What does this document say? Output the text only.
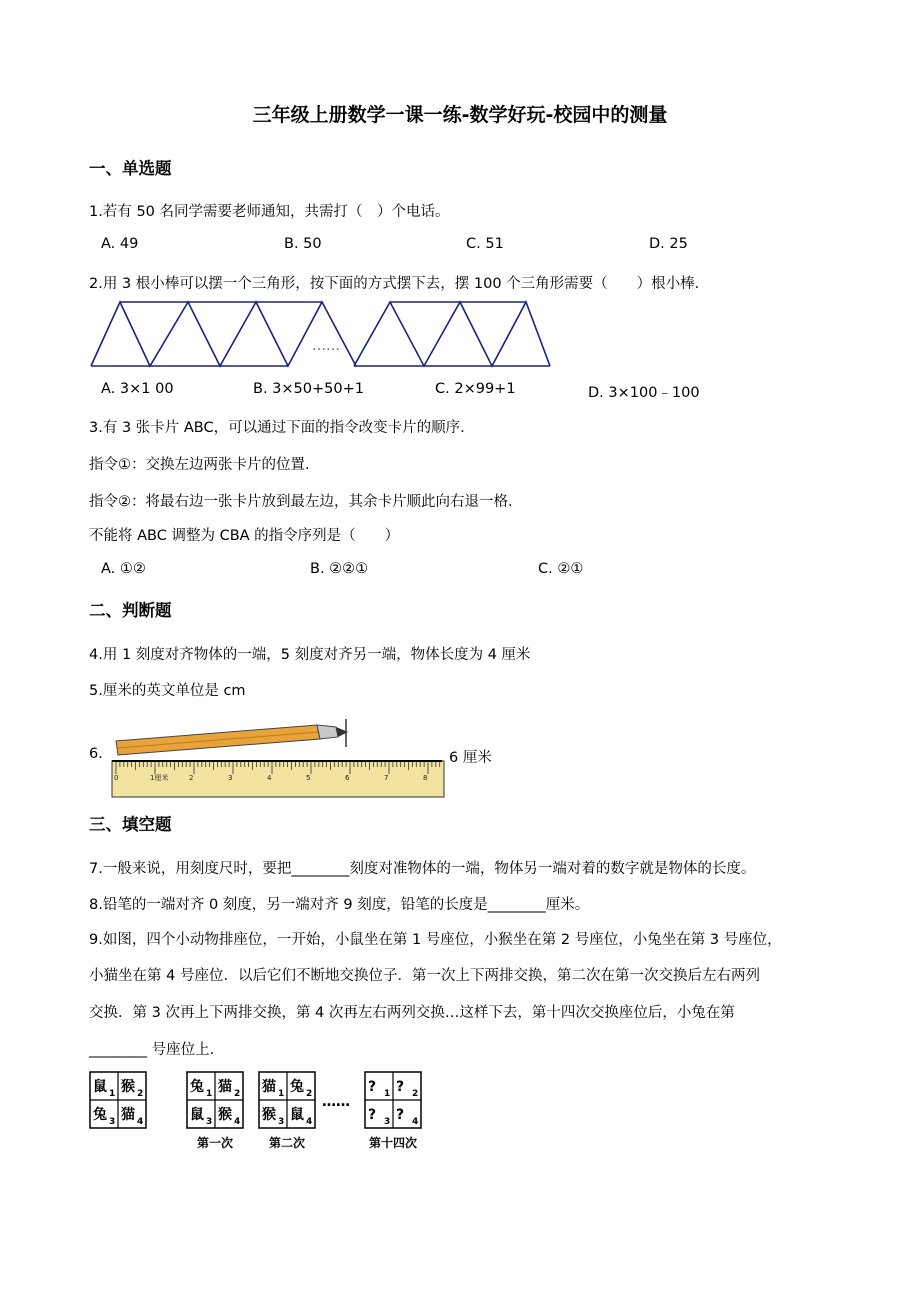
三年级上册数学一课一练-数学好玩-校园中的测量
一、单选题
1.若有 50 名同学需要老师通知，共需打（　）个电话。
A. 49	B. 50	C. 51	D. 25
2.用 3 根小棒可以摆一个三角形，按下面的方式摆下去，摆 100 个三角形需要（　　）根小棒.
……
A. 3×1 00	B. 3×50+50+1	C. 2×99+1	D. 3×100﹣100
3.有 3 张卡片 ABC，可以通过下面的指令改变卡片的顺序.
指令①：交换左边两张卡片的位置.
指令②：将最右边一张卡片放到最左边，其余卡片顺此向右退一格.
不能将 ABC 调整为 CBA 的指令序列是（　　）
A. ①②	B. ②②①	C. ②①
二、判断题
4.用 1 刻度对齐物体的一端，5 刻度对齐另一端，物体长度为 4 厘米
5.厘米的英文单位是 cm
6.
0	1厘米	2	3	4	5	6	7	8
6 厘米
三、填空题
7.一般来说，用刻度尺时，要把________刻度对准物体的一端，物体另一端对着的数字就是物体的长度。
8.铅笔的一端对齐 0 刻度，另一端对齐 9 刻度，铅笔的长度是________厘米。
9.如图，四个小动物排座位，一开始，小鼠坐在第 1 号座位，小猴坐在第 2 号座位，小兔坐在第 3 号座位，
小猫坐在第 4 号座位．以后它们不断地交换位子．第一次上下两排交换，第二次在第一次交换后左右两列
交换．第 3 次再上下两排交换，第 4 次再左右两列交换…这样下去，第十四次交换座位后，小兔在第
________ 号座位上.
鼠 1 猴 2
兔 3 猫 4
兔 1 猫 2
鼠 3 猴 4
第一次
猫 1 兔 2
猴 3 鼠 4
第二次
……
? 1 ? 2
? 3 ? 4
第十四次
